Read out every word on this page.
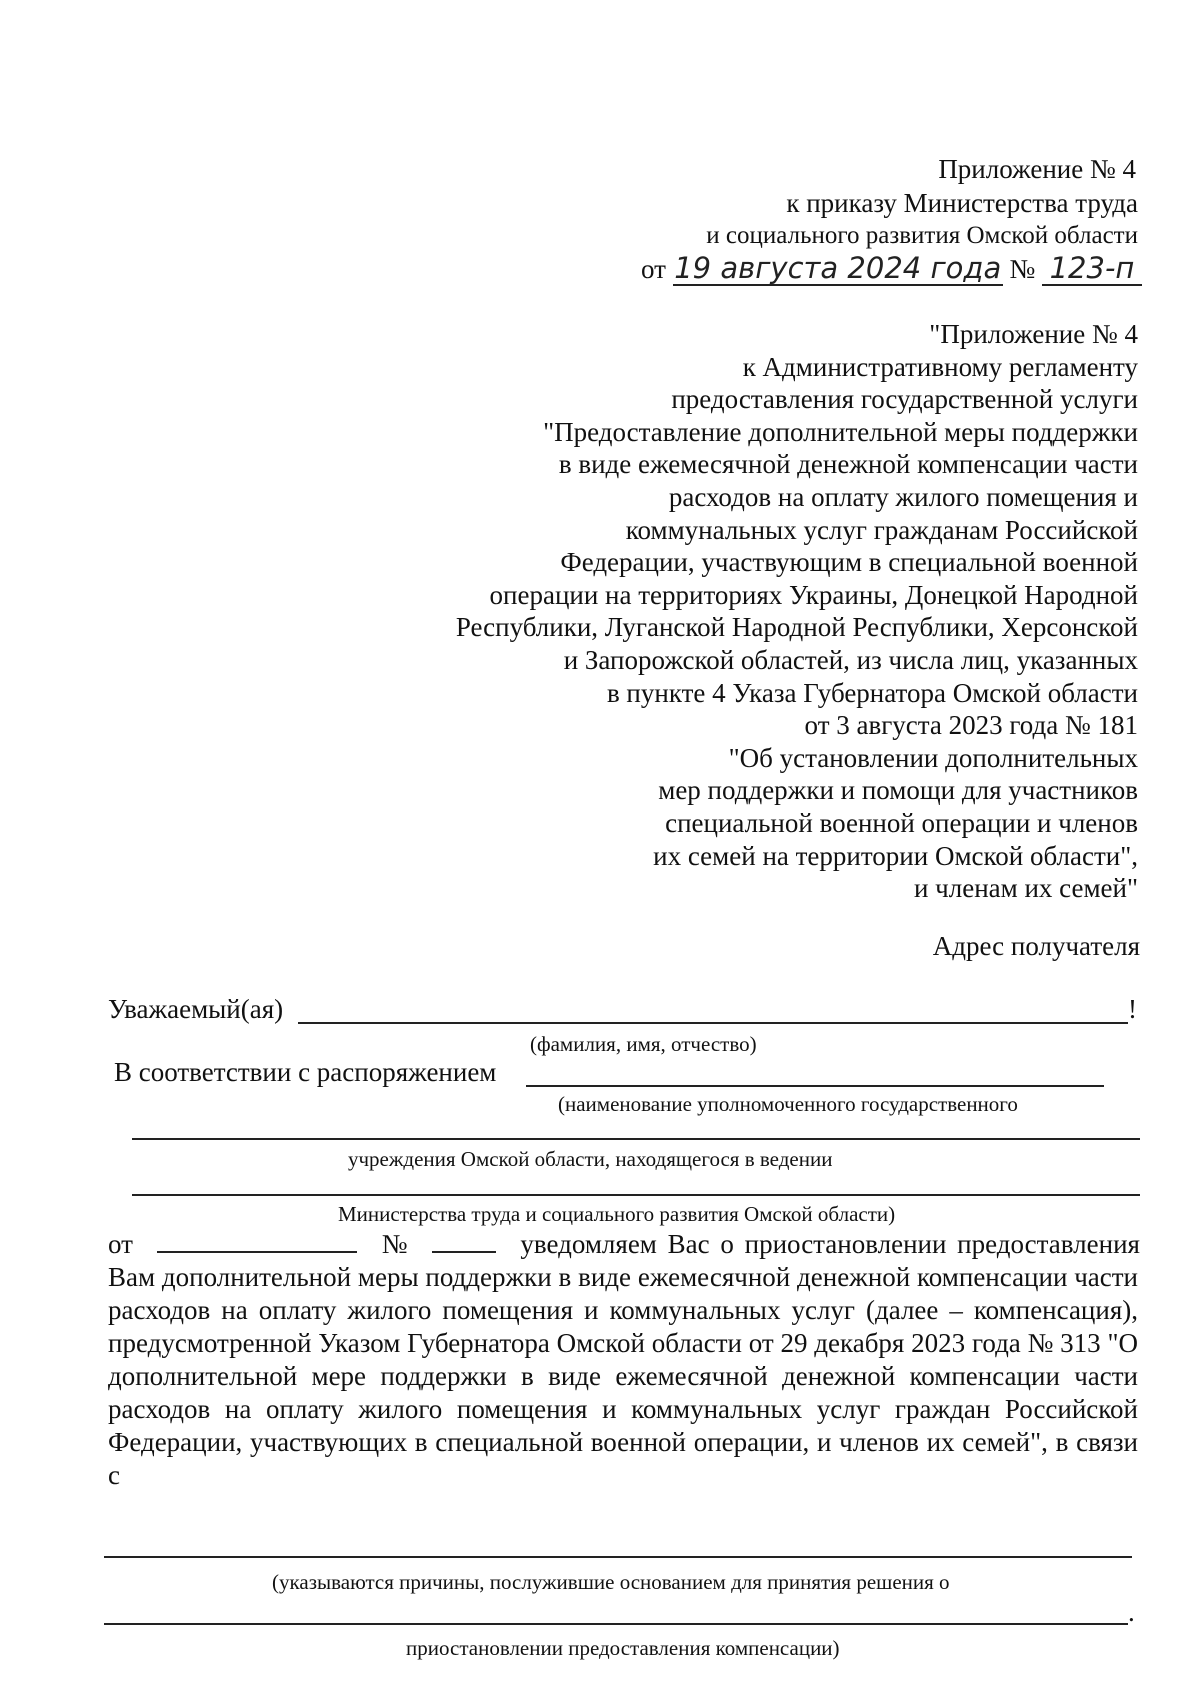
Приложение № 4
к приказу Министерства труда
и социального развития Омской области
от 19 августа 2024 года № 123-п
"Приложение № 4
к Административному регламенту
предоставления государственной услуги
"Предоставление дополнительной меры поддержки
в виде ежемесячной денежной компенсации части
расходов на оплату жилого помещения и
коммунальных услуг гражданам Российской
Федерации, участвующим в специальной военной
операции на территориях Украины, Донецкой Народной
Республики, Луганской Народной Республики, Херсонской
и Запорожской областей, из числа лиц, указанных
в пункте 4 Указа Губернатора Омской области
от 3 августа 2023 года № 181
"Об установлении дополнительных
мер поддержки и помощи для участников
специальной военной операции и членов
их семей на территории Омской области",
и членам их семей"
Адрес получателя
Уважаемый(ая)	!
(фамилия, имя, отчество)
В соответствии с распоряжением
(наименование уполномоченного государственного
учреждения Омской области, находящегося в ведении
Министерства труда и социального развития Омской области)
от	№	уведомляем Вас о приостановлении предоставления
Вам дополнительной меры поддержки в виде ежемесячной денежной компенсации части расходов на оплату жилого помещения и коммунальных услуг (далее – компенсация), предусмотренной Указом Губернатора Омской области от 29 декабря 2023 года № 313 "О дополнительной мере поддержки в виде ежемесячной денежной компенсации части расходов на оплату жилого помещения и коммунальных услуг граждан Российской Федерации, участвующих в специальной военной операции, и членов их семей", в связи с
(указываются причины, послужившие основанием для принятия решения о
.
приостановлении предоставления компенсации)
